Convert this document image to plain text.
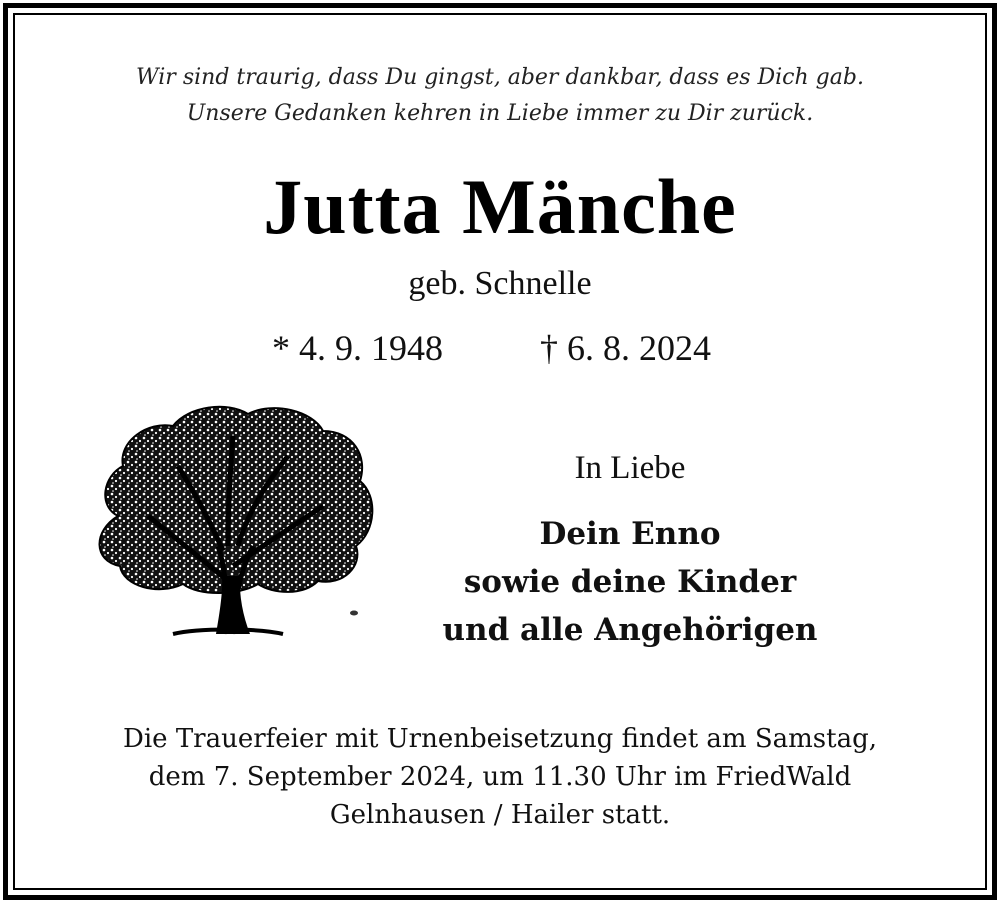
Wir sind traurig, dass Du gingst, aber dankbar, dass es Dich gab.
Unsere Gedanken kehren in Liebe immer zu Dir zurück.
Jutta Mänche
geb. Schnelle
* 4. 9. 1948	† 6. 8. 2024
In Liebe
Dein Enno
sowie deine Kinder
und alle Angehörigen
Die Trauerfeier mit Urnenbeisetzung findet am Samstag,
dem 7. September 2024, um 11.30 Uhr im FriedWald
Gelnhausen / Hailer statt.
